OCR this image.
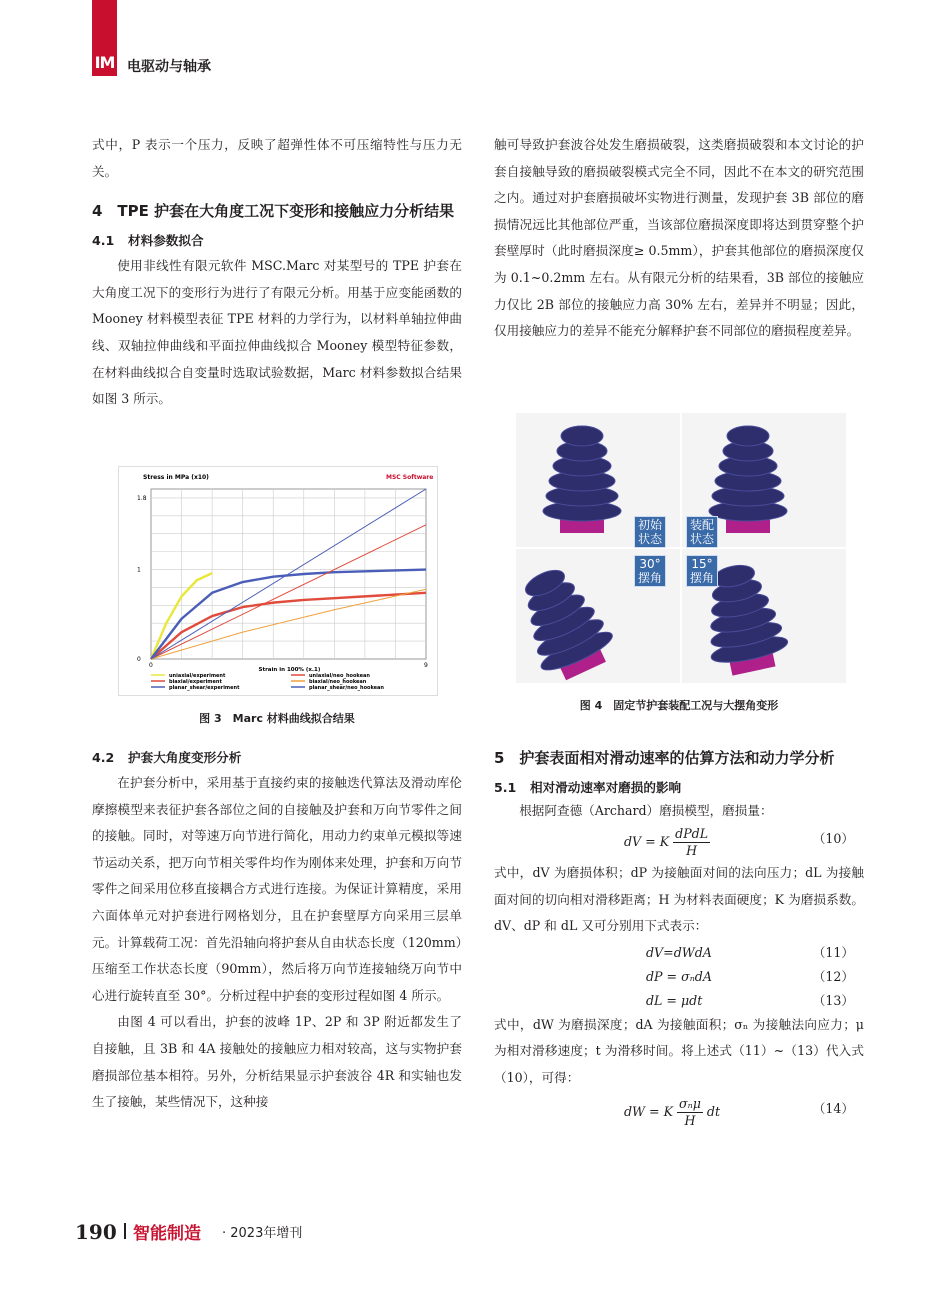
IM 电驱动与轴承

式中，P 表示一个压力，反映了超弹性体不可压缩特性与压力无关。

4　TPE 护套在大角度工况下变形和接触应力分析结果
4.1 材料参数拟合

使用非线性有限元软件 MSC.Marc 对某型号的 TPE 护套在大角度工况下的变形行为进行了有限元分析。用基于应变能函数的 Mooney 材料模型表征 TPE 材料的力学行为，以材料单轴拉伸曲线、双轴拉伸曲线和平面拉伸曲线拟合 Mooney 模型特征参数，在材料曲线拟合自变量时选取试验数据，Marc 材料参数拟合结果如图 3 所示。

Stress in MPa (x10)	MSC Software
0
1
1.8
0	9
Strain in 100% (x.1)
uniaxial/experiment
biaxial/experiment
planar_shear/experiment
uniaxial/neo_hookean
biaxial/neo_hookean
planar_shear/neo_hookean
图 3　Marc 材料曲线拟合结果
4.2 护套大角度变形分析

在护套分析中，采用基于直接约束的接触迭代算法及滑动库伦摩擦模型来表征护套各部位之间的自接触及护套和万向节零件之间的接触。同时，对等速万向节进行简化，用动力约束单元模拟等速节运动关系，把万向节相关零件均作为刚体来处理，护套和万向节零件之间采用位移直接耦合方式进行连接。为保证计算精度，采用六面体单元对护套进行网格划分，且在护套壁厚方向采用三层单元。计算载荷工况：首先沿轴向将护套从自由状态长度（120mm）压缩至工作状态长度（90mm），然后将万向节连接轴绕万向节中心进行旋转直至 30°。分析过程中护套的变形过程如图 4 所示。

由图 4 可以看出，护套的波峰 1P、2P 和 3P 附近都发生了自接触，且 3B 和 4A 接触处的接触应力相对较高，这与实物护套磨损部位基本相符。另外，分析结果显示护套波谷 4R 和实轴也发生了接触，某些情况下，这种接

触可导致护套波谷处发生磨损破裂，这类磨损破裂和本文讨论的护套自接触导致的磨损破裂模式完全不同，因此不在本文的研究范围之内。通过对护套磨损破坏实物进行测量，发现护套 3B 部位的磨损情况远比其他部位严重，当该部位磨损深度即将达到贯穿整个护套壁厚时（此时磨损深度≥ 0.5mm），护套其他部位的磨损深度仅为 0.1~0.2mm 左右。从有限元分析的结果看，3B 部位的接触应力仅比 2B 部位的接触应力高 30% 左右，差异并不明显；因此，仅用接触应力的差异不能充分解释护套不同部位的磨损程度差异。

初始
状态
装配
状态
30°
摆角
15°
摆角
图 4　固定节护套装配工况与大摆角变形
5　护套表面相对滑动速率的估算方法和动力学分析
5.1 相对滑动速率对磨损的影响

根据阿查德（Archard）磨损模型，磨损量：

dV = K $\frac{\text{dPdL}}{H}$	（10）

式中，dV 为磨损体积；dP 为接触面对间的法向压力；dL 为接触面对间的切向相对滑移距离；H 为材料表面硬度；K 为磨损系数。dV、dP 和 dL 又可分别用下式表示：

dV=dWdA	（11）
dP = σₙdA	（12）
dL = μdt	（13）

式中，dW 为磨损深度；dA 为接触面积；σₙ 为接触法向应力；μ 为相对滑移速度；t 为滑移时间。将上述式（11）~（13）代入式（10），可得：

dW = K $\frac{\text{σₙμ}}{H}$ dt	（14）
190 智能制造 · 2023年增刊
